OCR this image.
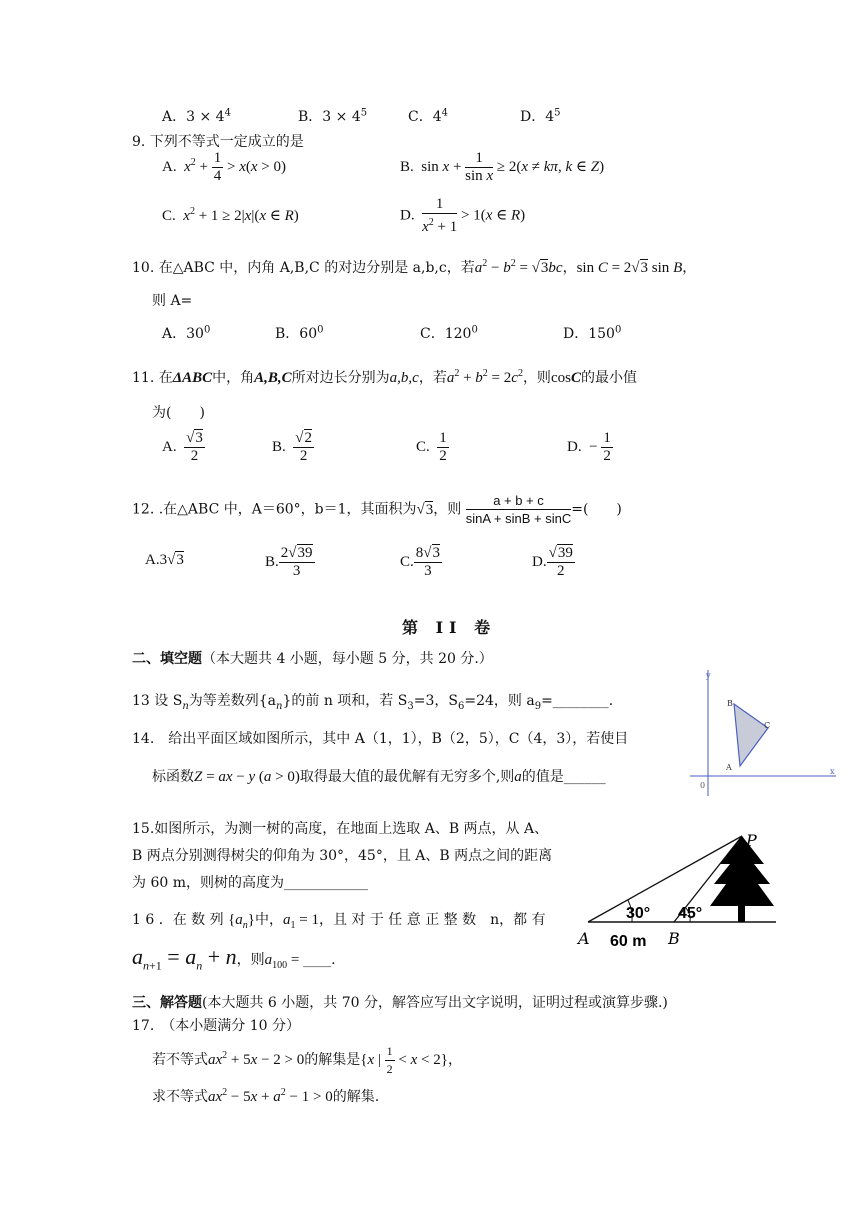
A．$3 \times 4^4$	B．$3 \times 4^5$	C．$4^4$	D．$4^5$
9. 下列不等式一定成立的是
A. $x^2 + \frac{1}{4} > x(x > 0)$	B.  $\sin x + \frac{1}{\text{sin x}} \ge 2(x \ne k\pi$, k ∈ Z)
C. $x^2 + 1 \ge 2|x|(x$ ∈ R)	D. $\frac{1}{x^2 + 1} > 1(x$ ∈ R)
10. 在△ABC 中，内角 A,B,C 的对边分别是 a,b,c，若$a^2 - b^2 = √3bc$，sin C = 2√3 sin B，
则 A=
A．$30^0$	B．$60^0$	C．$120^0$	D．$150^0$
11. 在ΔABC中，角A,B,C所对边长分别为a,b,c，若$a^2 + b^2 = 2c^2$，则cosC的最小值
为(　　)
A. $\frac{√3}{2}$	B. $\frac{√2}{2}$	C. $\frac{1}{2}$	D.  − $\frac{1}{2}$
12. .在△ABC 中，A＝60°，b＝1，其面积为√3，则 $\frac{a + b + c}{\sin A + \sin B + \sin C}$ =(　　)
A.3√3	B. $\frac{2√39}{3}$	C. $\frac{8√3}{3}$	D. $\frac{√39}{2}$
第 II 卷
二、填空题（本大题共 4 小题，每小题 5 分，共 20 分.）
13 设 $S_n$为等差数列$\{a_n\}$的前 n 项和，若 $S_3=3$，$S_6=24$，则 $a_9=\_\_\_\_\_\_\_\_$.
14.　给出平面区域如图所示，其中 A（1，1），B（2，5），C（4，3），若使目
标函数Z = ax − y (a > 0)取得最大值的最优解有无穷多个,则a的值是______
y
x
0
B
C
A
15.如图所示，为测一树的高度，在地面上选取 A、B 两点，从 A、
B 两点分别测得树尖的仰角为 30°，45°，且 A、B 两点之间的距离
为 60 m，则树的高度为____________
P
A	B
30° 45°
60 m
1 6 ．在 数 列 $\{a_n\}$中，$a_1 = 1$，且 对 于 任 意 正 整 数　n，都 有
$a_{n+1} = a_n + n$，则$a_{100}$ = ____.
三、解答题(本大题共 6 小题，共 70 分，解答应写出文字说明，证明过程或演算步骤.)
17.　（本小题满分 10 分）
若不等式$ax^2 + 5x - 2 > 0$的解集是{x | $\frac{1}{2} < x < 2$}，
求不等式$ax^2 - 5x + a^2 - 1 > 0$的解集.
